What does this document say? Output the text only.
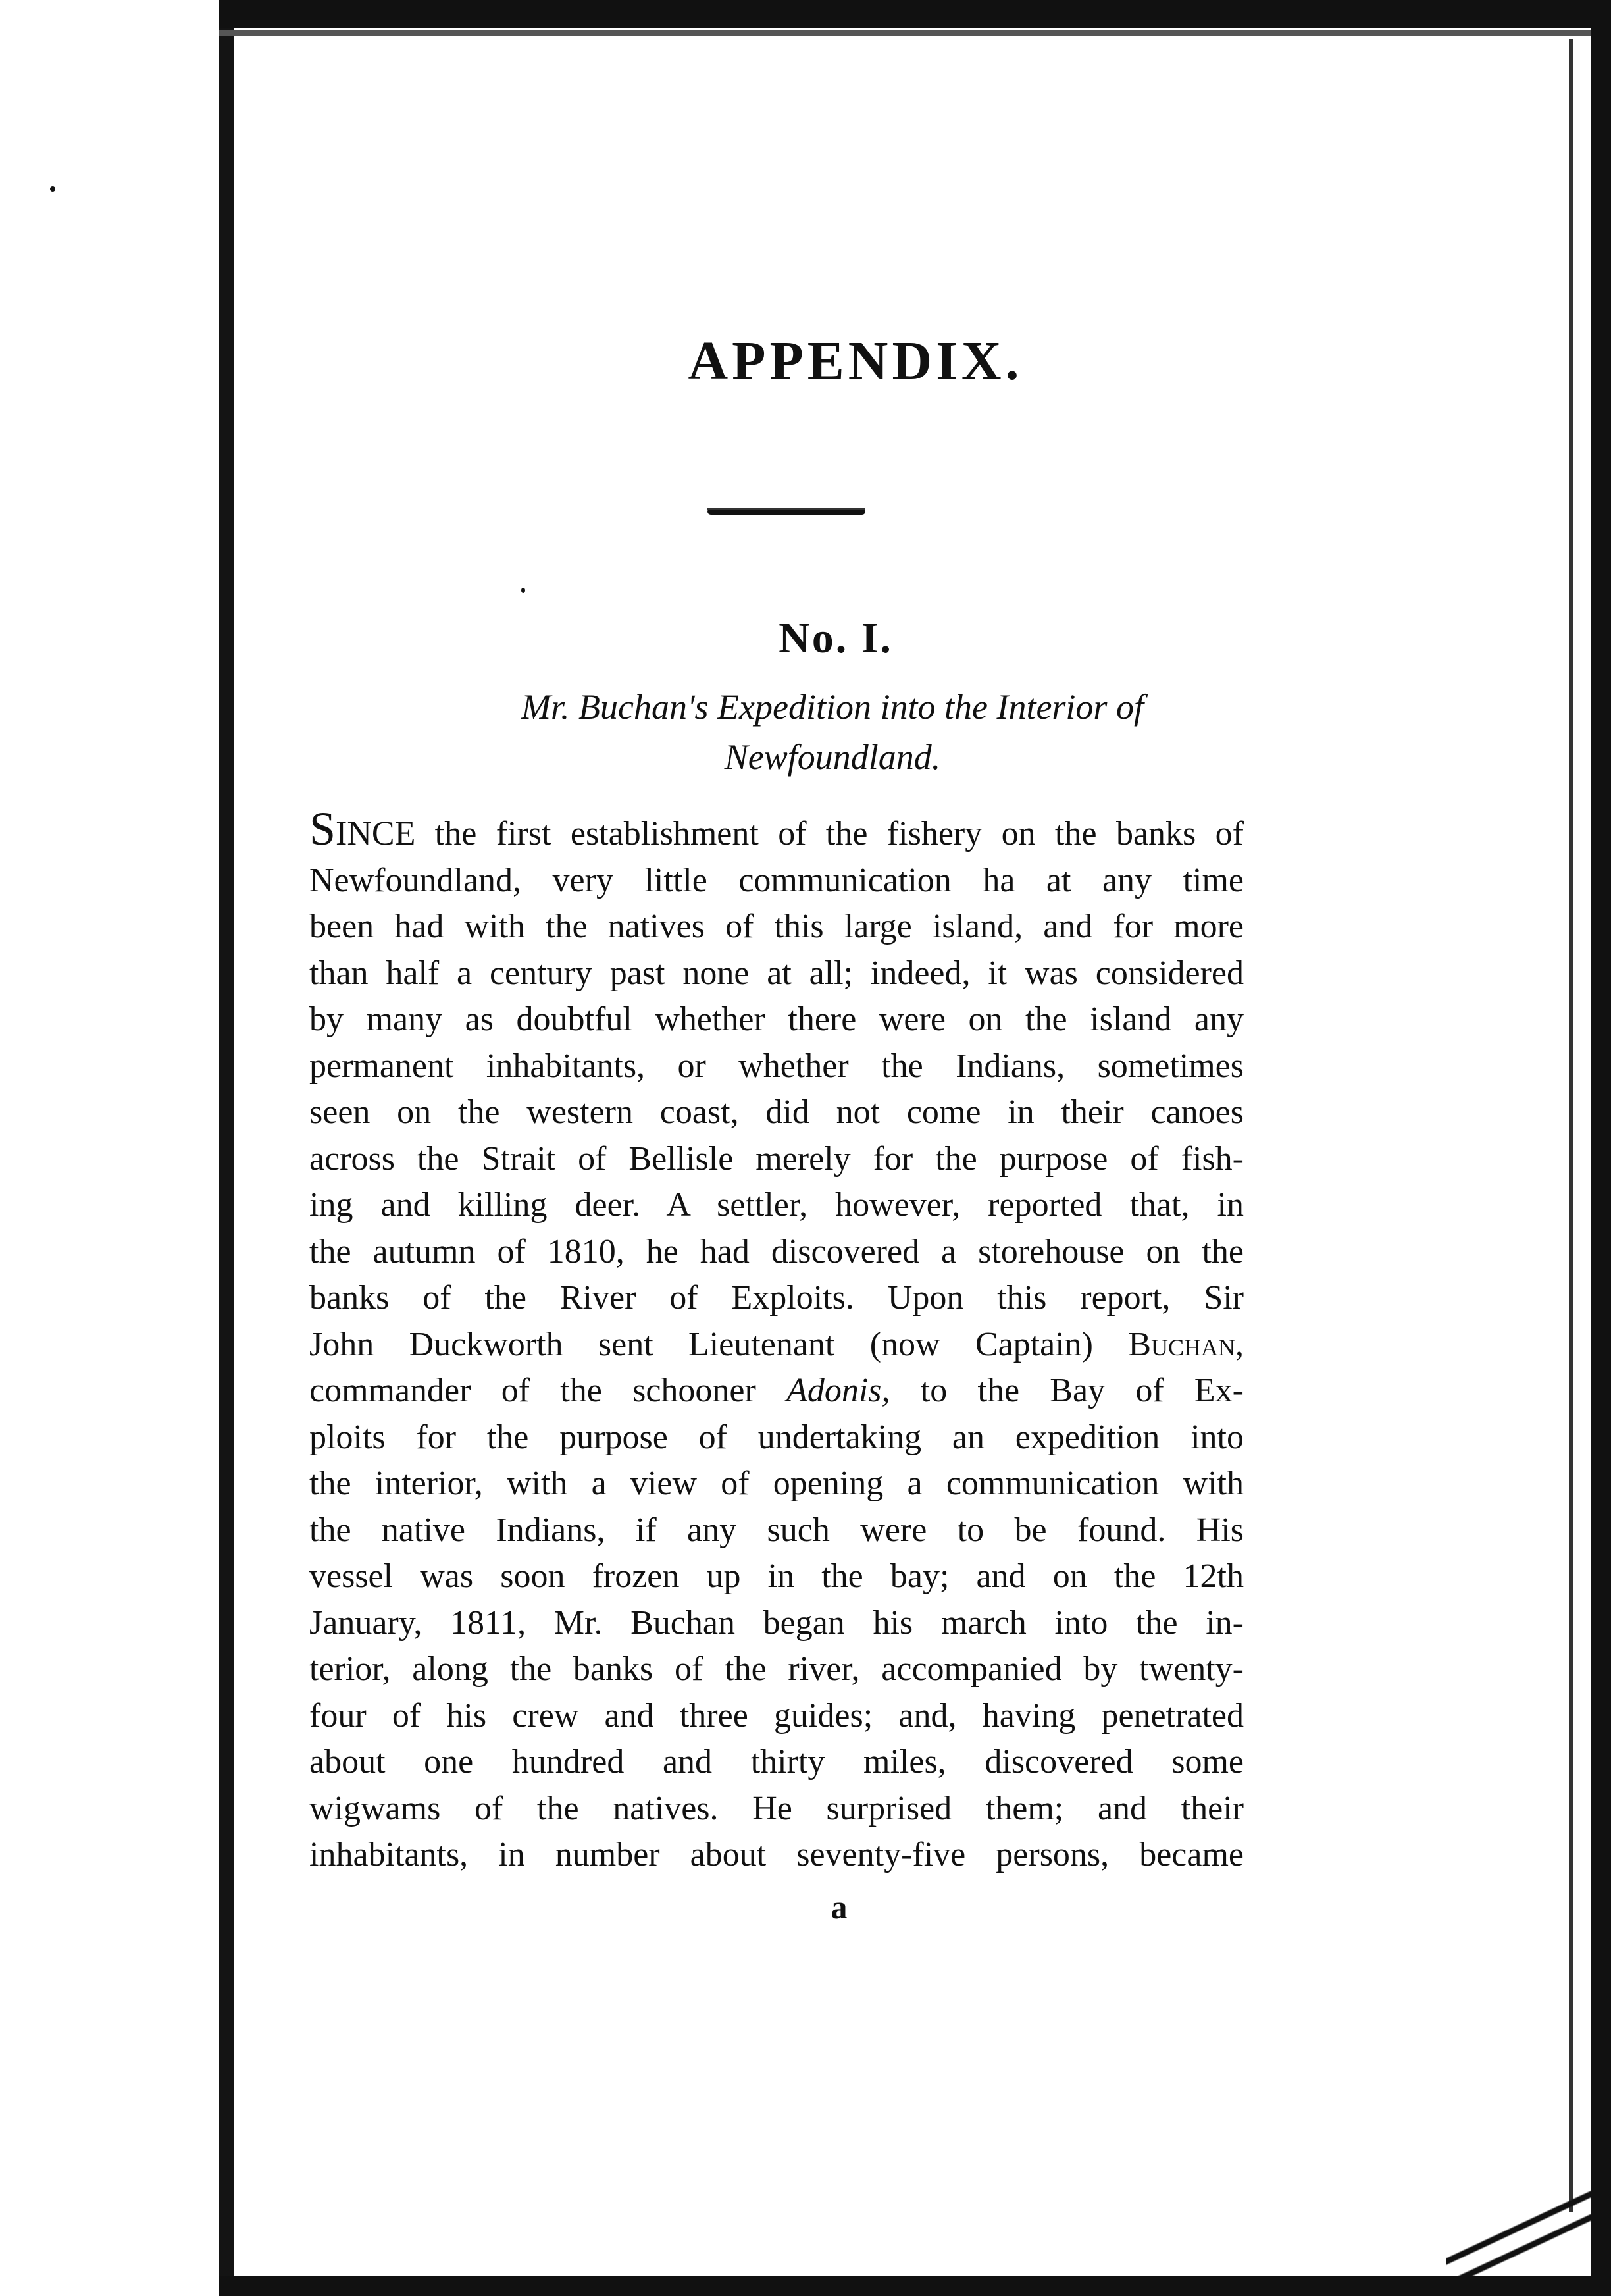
APPENDIX.
No. I.
Mr. Buchan's Expedition into the Interior of
Newfoundland.
SINCE the first establishment of the fishery on the banks of
Newfoundland, very little communication ha at any time
been had with the natives of this large island, and for more
than half a century past none at all; indeed, it was considered
by many as doubtful whether there were on the island any
permanent inhabitants, or whether the Indians, sometimes
seen on the western coast, did not come in their canoes
across the Strait of Bellisle merely for the purpose of fish-
ing and killing deer. A settler, however, reported that, in
the autumn of 1810, he had discovered a storehouse on the
banks of the River of Exploits. Upon this report, Sir
John Duckworth sent Lieutenant (now Captain) Buchan,
commander of the schooner Adonis, to the Bay of Ex-
ploits for the purpose of undertaking an expedition into
the interior, with a view of opening a communication with
the native Indians, if any such were to be found. His
vessel was soon frozen up in the bay; and on the 12th
January, 1811, Mr. Buchan began his march into the in-
terior, along the banks of the river, accompanied by twenty-
four of his crew and three guides; and, having penetrated
about one hundred and thirty miles, discovered some
wigwams of the natives. He surprised them; and their
inhabitants, in number about seventy-five persons, became
a
